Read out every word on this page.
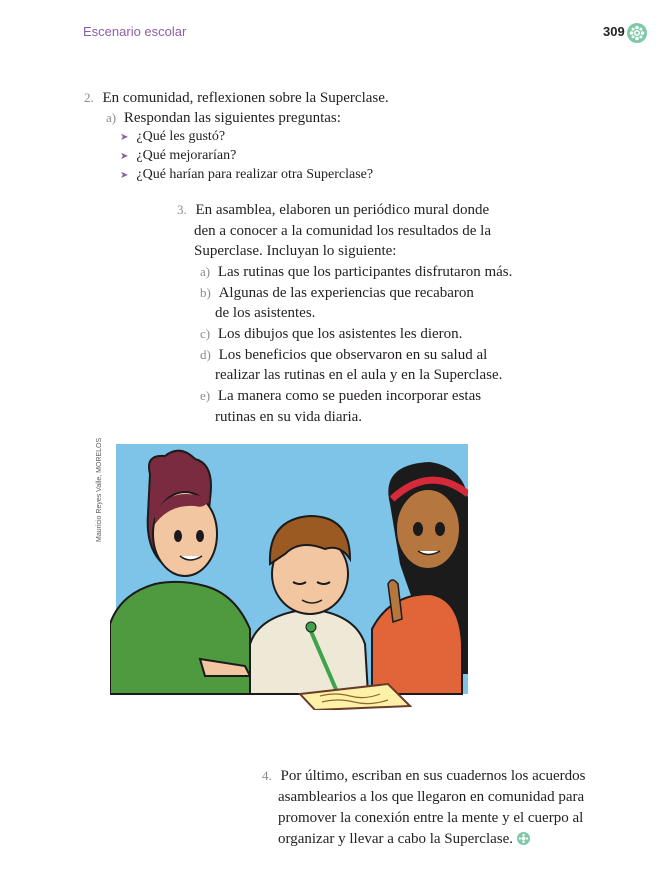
Escenario escolar	309
2. En comunidad, reflexionen sobre la Superclase.
a) Respondan las siguientes preguntas:
➤ ¿Qué les gustó?
➤ ¿Qué mejorarían?
➤ ¿Qué harían para realizar otra Superclase?
3. En asamblea, elaboren un periódico mural donde
den a conocer a la comunidad los resultados de la
Superclase. Incluyan lo siguiente:
a) Las rutinas que los participantes disfrutaron más.
b) Algunas de las experiencias que recabaron
de los asistentes.
c) Los dibujos que los asistentes les dieron.
d) Los beneficios que observaron en su salud al
realizar las rutinas en el aula y en la Superclase.
e) La manera como se pueden incorporar estas
rutinas en su vida diaria.
Mauricio Reyes Valle, MORELOS
4. Por último, escriban en sus cuadernos los acuerdos
asamblearios a los que llegaron en comunidad para
promover la conexión entre la mente y el cuerpo al
organizar y llevar a cabo la Superclase.
